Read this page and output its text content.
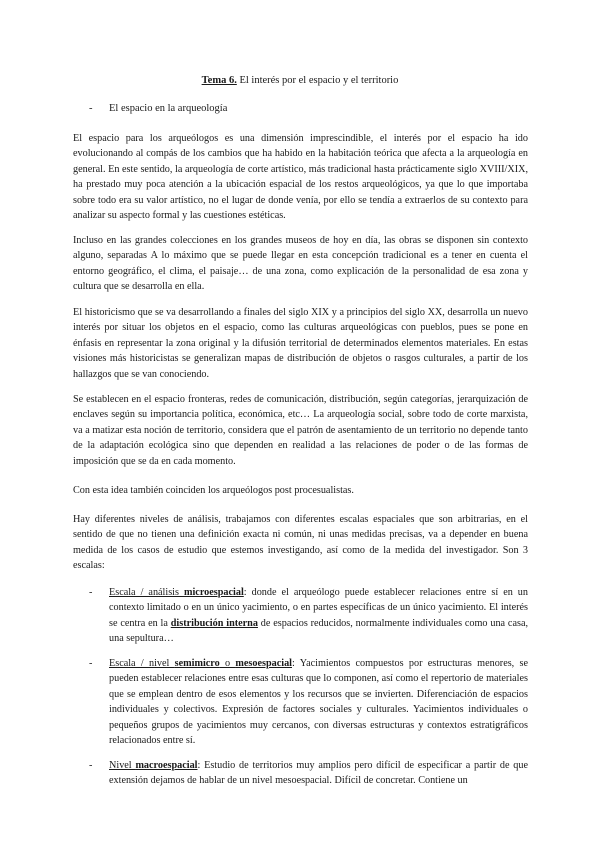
Tema 6. El interés por el espacio y el territorio
- El espacio en la arqueología

El espacio para los arqueólogos es una dimensión imprescindible, el interés por el espacio ha ido evolucionando al compás de los cambios que ha habido en la habitación teórica que afecta a la arqueología en general. En este sentido, la arqueología de corte artístico, más tradicional hasta prácticamente siglo XVIII/XIX, ha prestado muy poca atención a la ubicación espacial de los restos arqueológicos, ya que lo que importaba sobre todo era su valor artístico, no el lugar de donde venía, por ello se tendía a extraerlos de su contexto para analizar su aspecto formal y las cuestiones estéticas.

Incluso en las grandes colecciones en los grandes museos de hoy en día, las obras se disponen sin contexto alguno, separadas A lo máximo que se puede llegar en esta concepción tradicional es a tener en cuenta el entorno geográfico, el clima, el paisaje… de una zona, como explicación de la personalidad de esa zona y cultura que se desarrolla en ella.

El historicismo que se va desarrollando a finales del siglo XIX y a principios del siglo XX, desarrolla un nuevo interés por situar los objetos en el espacio, como las culturas arqueológicas con pueblos, pues se pone en énfasis en representar la zona original y la difusión territorial de determinados elementos materiales. En estas visiones más historicistas se generalizan mapas de distribución de objetos o rasgos culturales, a partir de los hallazgos que se van conociendo.

Se establecen en el espacio fronteras, redes de comunicación, distribución, según categorías, jerarquización de enclaves según su importancia política, económica, etc… La arqueología social, sobre todo de corte marxista, va a matizar esta noción de territorio, considera que el patrón de asentamiento de un territorio no depende tanto de la adaptación ecológica sino que dependen en realidad a las relaciones de poder o de las formas de imposición que se da en cada momento.

Con esta idea también coinciden los arqueólogos post procesualistas.

Hay diferentes niveles de análisis, trabajamos con diferentes escalas espaciales que son arbitrarias, en el sentido de que no tienen una definición exacta ni común, ni unas medidas precisas, va a depender en buena medida de los casos de estudio que estemos investigando, así como de la medida del investigador. Son 3 escalas:

- Escala / análisis microespacial: donde el arqueólogo puede establecer relaciones entre sí en un contexto limitado o en un único yacimiento, o en partes específicas de un único yacimiento. El interés se centra en la distribución interna de espacios reducidos, normalmente individuales como una casa, una sepultura…
- Escala / nivel semimicro o mesoespacial: Yacimientos compuestos por estructuras menores, se pueden establecer relaciones entre esas culturas que lo componen, así como el repertorio de materiales que se emplean dentro de esos elementos y los recursos que se invierten. Diferenciación de espacios individuales y colectivos. Expresión de factores sociales y culturales. Yacimientos individuales o pequeños grupos de yacimientos muy cercanos, con diversas estructuras y contextos estratigráficos relacionados entre sí.
- Nivel macroespacial: Estudio de territorios muy amplios pero difícil de especificar a partir de que extensión dejamos de hablar de un nivel mesoespacial. Difícil de concretar. Contiene un
